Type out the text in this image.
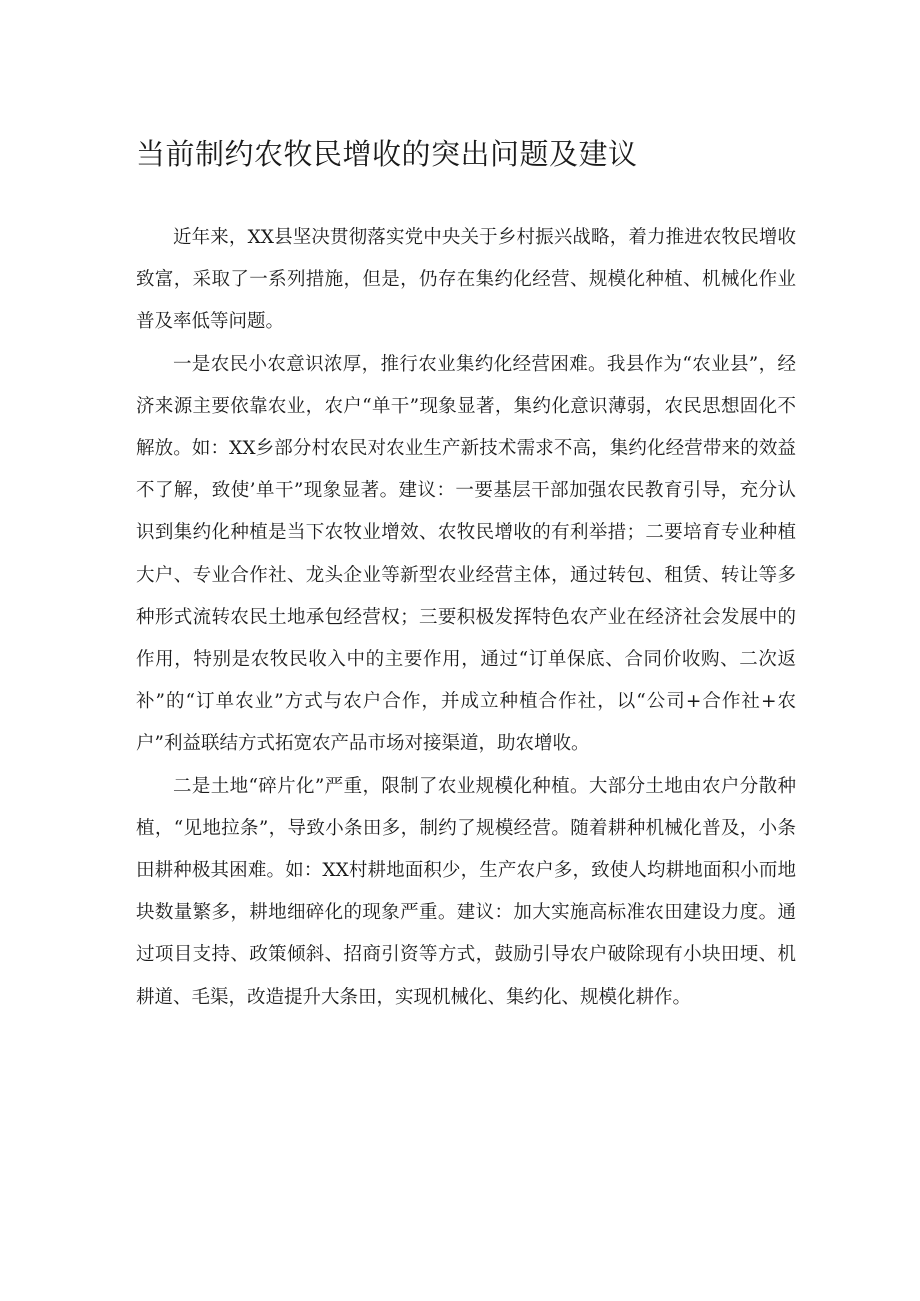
当前制约农牧民增收的突出问题及建议

近年来，XX县坚决贯彻落实党中央关于乡村振兴战略，着力推进农牧民增收致富，采取了一系列措施，但是，仍存在集约化经营、规模化种植、机械化作业普及率低等问题。

一是农民小农意识浓厚，推行农业集约化经营困难。我县作为“农业县”，经济来源主要依靠农业，农户“单干”现象显著，集约化意识薄弱，农民思想固化不解放。如：XX乡部分村农民对农业生产新技术需求不高，集约化经营带来的效益不了解，致使’单干”现象显著。建议：一要基层干部加强农民教育引导，充分认识到集约化种植是当下农牧业增效、农牧民增收的有利举措；二要培育专业种植大户、专业合作社、龙头企业等新型农业经营主体，通过转包、租赁、转让等多种形式流转农民土地承包经营权；三要积极发挥特色农产业在经济社会发展中的作用，特别是农牧民收入中的主要作用，通过“订单保底、合同价收购、二次返补”的“订单农业”方式与农户合作，并成立种植合作社，以“公司+合作社+农户”利益联结方式拓宽农产品市场对接渠道，助农增收。

二是土地“碎片化”严重，限制了农业规模化种植。大部分土地由农户分散种植，“见地拉条”，导致小条田多，制约了规模经营。随着耕种机械化普及，小条田耕种极其困难。如：XX村耕地面积少，生产农户多，致使人均耕地面积小而地块数量繁多，耕地细碎化的现象严重。建议：加大实施高标准农田建设力度。通过项目支持、政策倾斜、招商引资等方式，鼓励引导农户破除现有小块田埂、机耕道、毛渠，改造提升大条田，实现机械化、集约化、规模化耕作。
